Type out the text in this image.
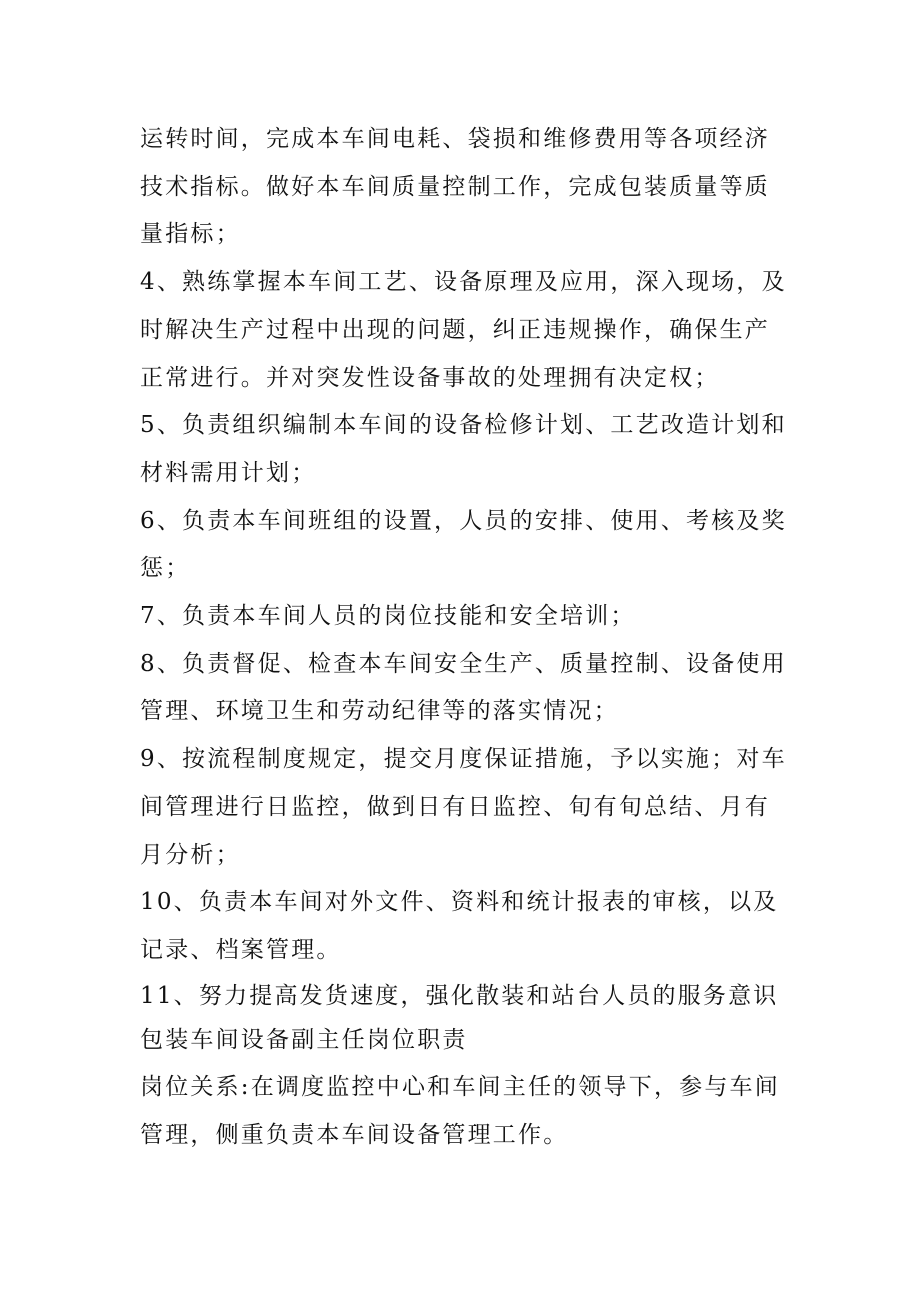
运转时间，完成本车间电耗、袋损和维修费用等各项经济技术指标。做好本车间质量控制工作，完成包装质量等质量指标；

4、熟练掌握本车间工艺、设备原理及应用，深入现场，及时解决生产过程中出现的问题，纠正违规操作，确保生产正常进行。并对突发性设备事故的处理拥有决定权；

5、负责组织编制本车间的设备检修计划、工艺改造计划和材料需用计划；

6、负责本车间班组的设置，人员的安排、使用、考核及奖惩；

7、负责本车间人员的岗位技能和安全培训；

8、负责督促、检查本车间安全生产、质量控制、设备使用管理、环境卫生和劳动纪律等的落实情况；

9、按流程制度规定，提交月度保证措施，予以实施；对车间管理进行日监控，做到日有日监控、旬有旬总结、月有月分析；

10、负责本车间对外文件、资料和统计报表的审核，以及记录、档案管理。

11、努力提高发货速度，强化散装和站台人员的服务意识

包装车间设备副主任岗位职责

岗位关系:在调度监控中心和车间主任的领导下，参与车间管理，侧重负责本车间设备管理工作。
